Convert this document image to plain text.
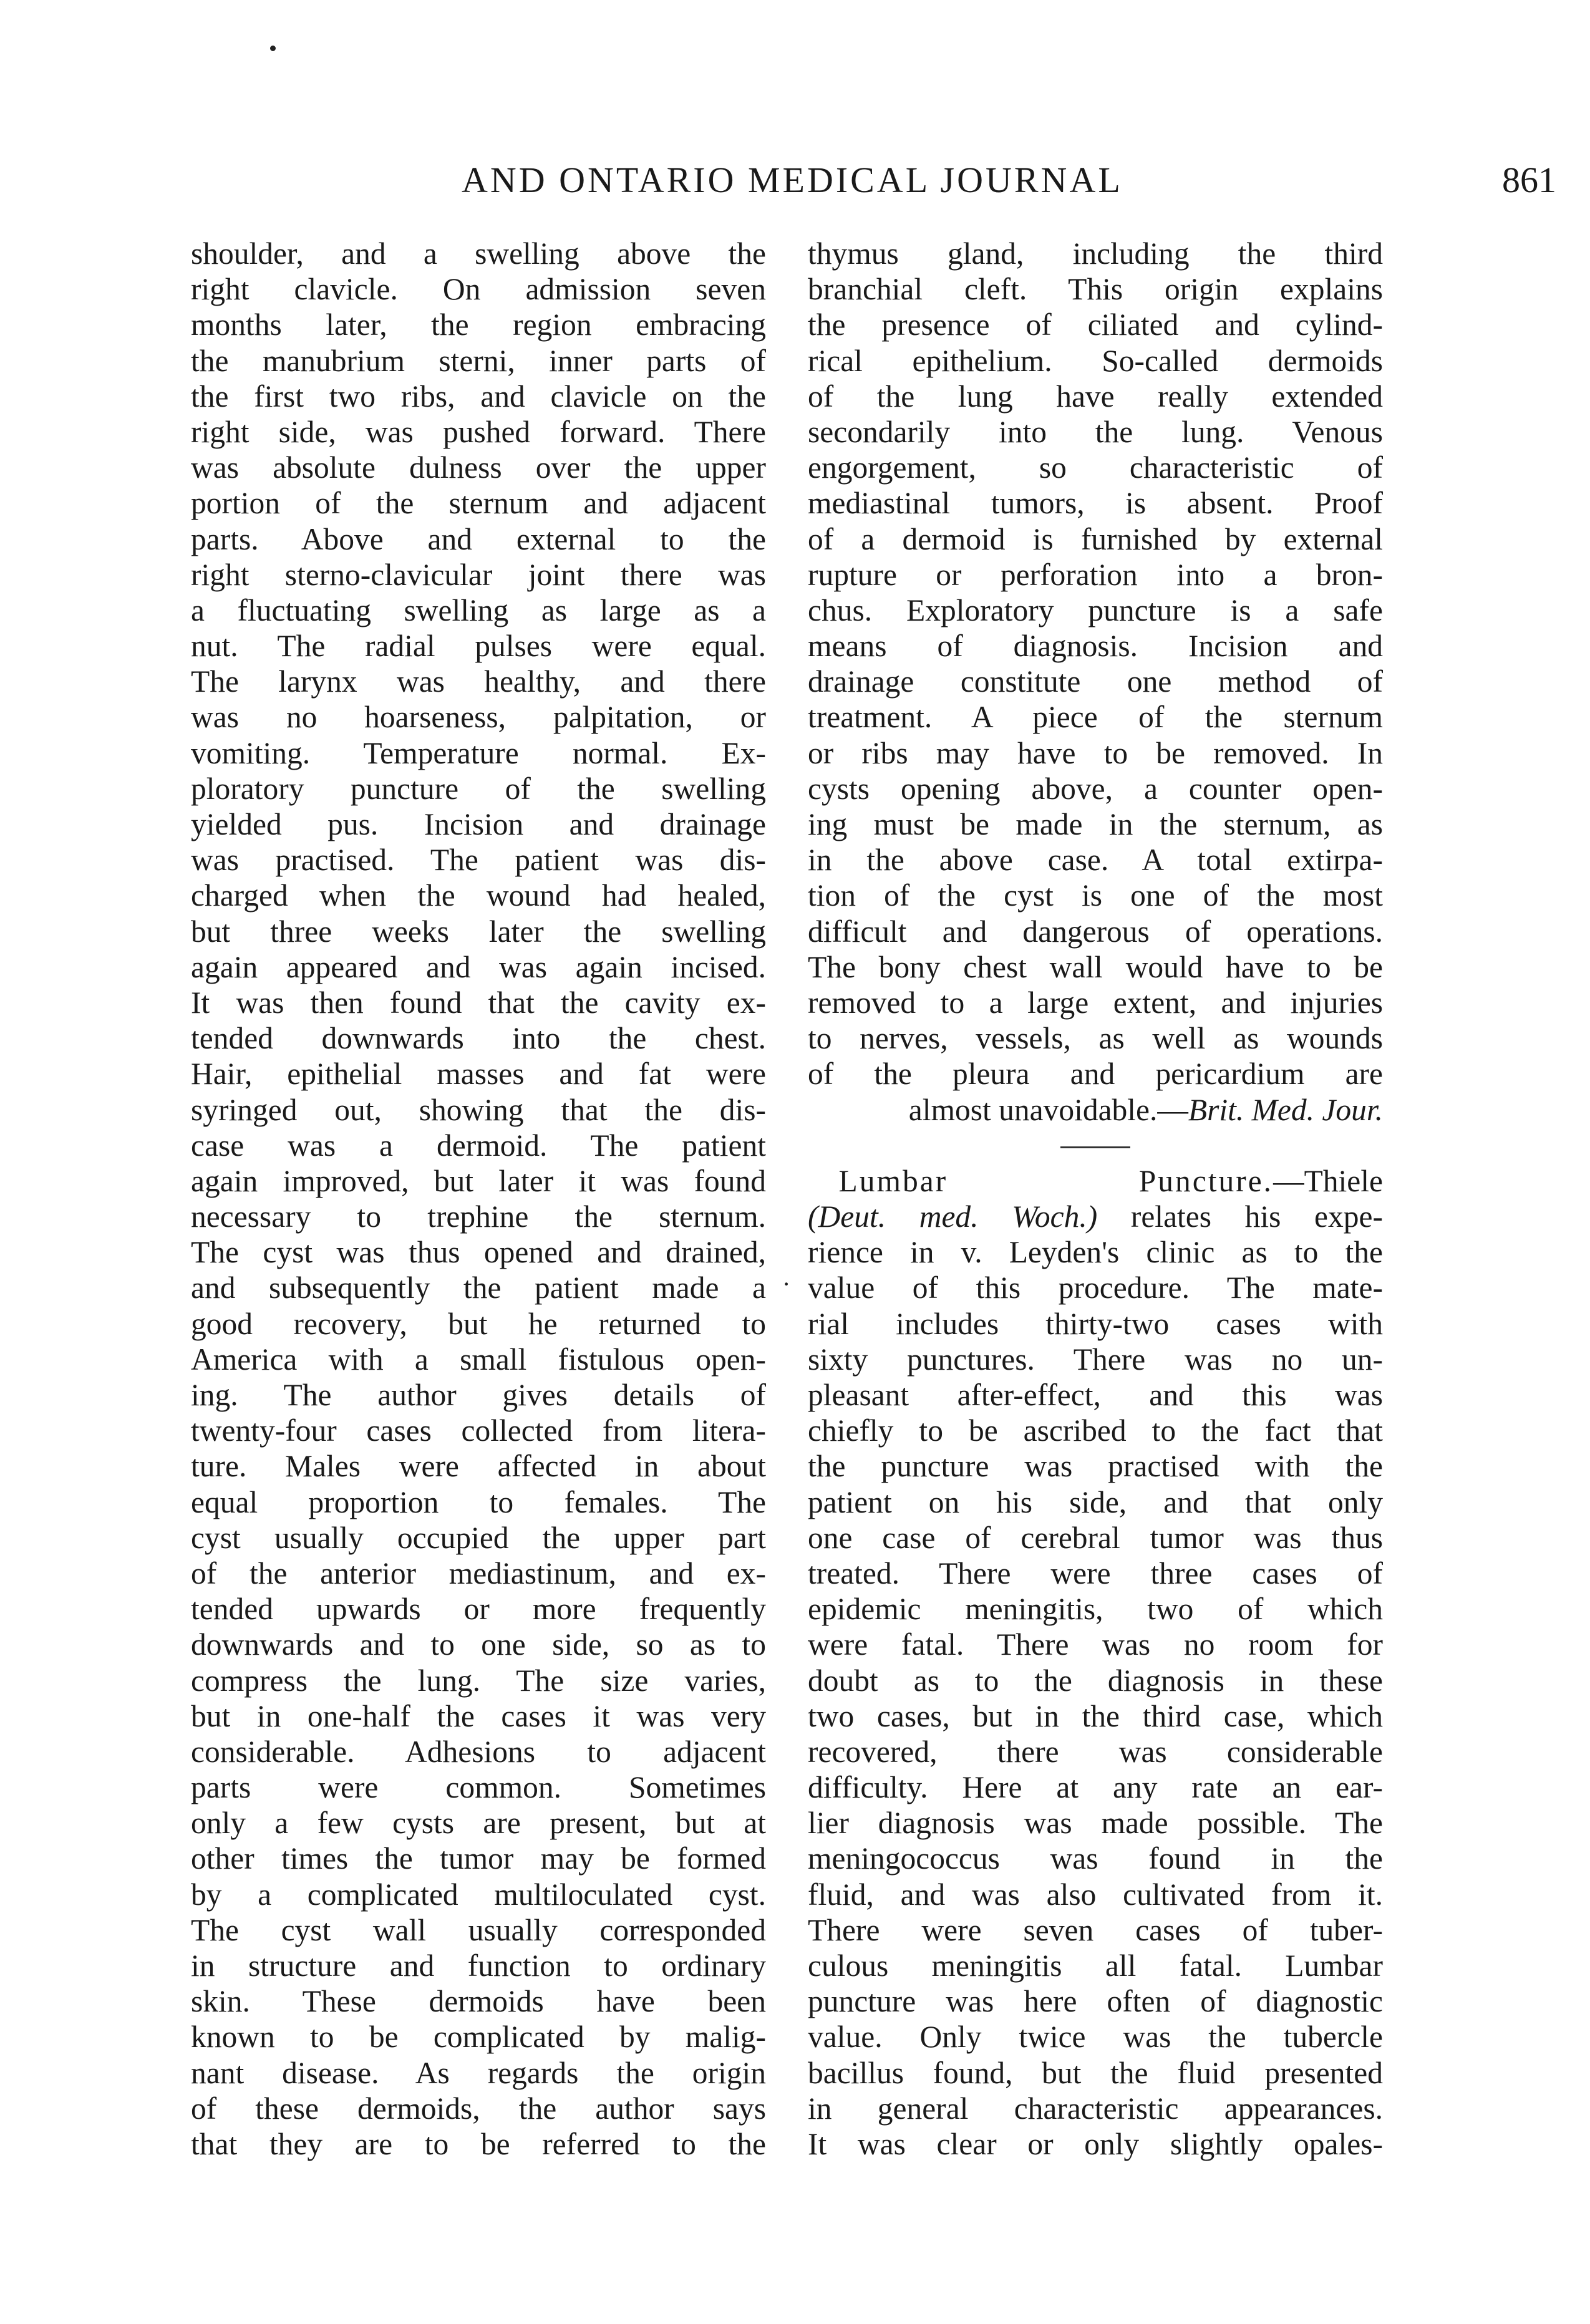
AND ONTARIO MEDICAL JOURNAL	861
shoulder, and a swelling above the
right clavicle. On admission seven
months later, the region embracing
the manubrium sterni, inner parts of
the first two ribs, and clavicle on the
right side, was pushed forward. There
was absolute dulness over the upper
portion of the sternum and adjacent
parts. Above and external to the
right sterno-clavicular joint there was
a fluctuating swelling as large as a
nut. The radial pulses were equal.
The larynx was healthy, and there
was no hoarseness, palpitation, or
vomiting. Temperature normal. Ex-
ploratory puncture of the swelling
yielded pus. Incision and drainage
was practised. The patient was dis-
charged when the wound had healed,
but three weeks later the swelling
again appeared and was again incised.
It was then found that the cavity ex-
tended downwards into the chest.
Hair, epithelial masses and fat were
syringed out, showing that the dis-
case was a dermoid. The patient
again improved, but later it was found
necessary to trephine the sternum.
The cyst was thus opened and drained,
and subsequently the patient made a
good recovery, but he returned to
America with a small fistulous open-
ing. The author gives details of
twenty-four cases collected from litera-
ture. Males were affected in about
equal proportion to females. The
cyst usually occupied the upper part
of the anterior mediastinum, and ex-
tended upwards or more frequently
downwards and to one side, so as to
compress the lung. The size varies,
but in one-half the cases it was very
considerable. Adhesions to adjacent
parts were common. Sometimes
only a few cysts are present, but at
other times the tumor may be formed
by a complicated multiloculated cyst.
The cyst wall usually corresponded
in structure and function to ordinary
skin. These dermoids have been
known to be complicated by malig-
nant disease. As regards the origin
of these dermoids, the author says
that they are to be referred to the
thymus gland, including the third
branchial cleft. This origin explains
the presence of ciliated and cylind-
rical epithelium. So-called dermoids
of the lung have really extended
secondarily into the lung. Venous
engorgement, so characteristic of
mediastinal tumors, is absent. Proof
of a dermoid is furnished by external
rupture or perforation into a bron-
chus. Exploratory puncture is a safe
means of diagnosis. Incision and
drainage constitute one method of
treatment. A piece of the sternum
or ribs may have to be removed. In
cysts opening above, a counter open-
ing must be made in the sternum, as
in the above case. A total extirpa-
tion of the cyst is one of the most
difficult and dangerous of operations.
The bony chest wall would have to be
removed to a large extent, and injuries
to nerves, vessels, as well as wounds
of the pleura and pericardium are
almost unavoidable.—Brit. Med. Jour.
 Lumbar Puncture.—Thiele
(Deut. med. Woch.) relates his expe-
rience in v. Leyden's clinic as to the
value of this procedure. The mate-
rial includes thirty-two cases with
sixty punctures. There was no un-
pleasant after-effect, and this was
chiefly to be ascribed to the fact that
the puncture was practised with the
patient on his side, and that only
one case of cerebral tumor was thus
treated. There were three cases of
epidemic meningitis, two of which
were fatal. There was no room for
doubt as to the diagnosis in these
two cases, but in the third case, which
recovered, there was considerable
difficulty. Here at any rate an ear-
lier diagnosis was made possible. The
meningococcus was found in the
fluid, and was also cultivated from it.
There were seven cases of tuber-
culous meningitis all fatal. Lumbar
puncture was here often of diagnostic
value. Only twice was the tubercle
bacillus found, but the fluid presented
in general characteristic appearances.
It was clear or only slightly opales-
·
